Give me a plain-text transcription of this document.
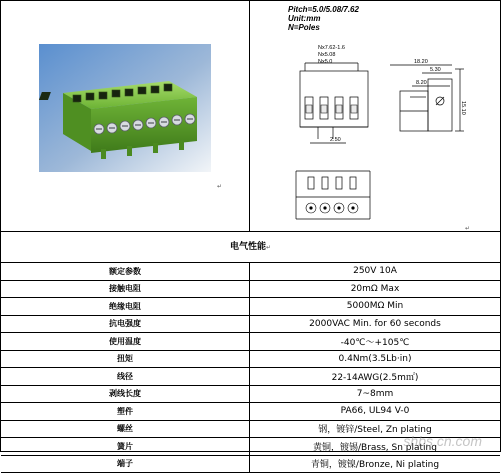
↵
Pitch=5.0/5.08/7.62
Unit:mm
N=Poles
Nx7.62-1.6
Nx5.08
Nx5.0
2.50
18.20
5.30
8.20
15.10
↵
电气性能↵
额定参数	250V 10A
接触电阻	20mΩ Max
绝缘电阻	5000MΩ Min
抗电强度	2000VAC Min. for 60 seconds
使用温度	-40℃～+105℃
扭矩	0.4Nm(3.5Lb·in)
线径	22-14AWG(2.5m㎡)
剥线长度	7~8mm
塑件	PA66, UL94 V-0
螺丝	钢，镀锌/Steel, Zn plating
簧片	黄铜，镀锡/Brass, Sn plating
端子	青铜，镀镍/Bronze, Ni plating
shbs.cn.com
